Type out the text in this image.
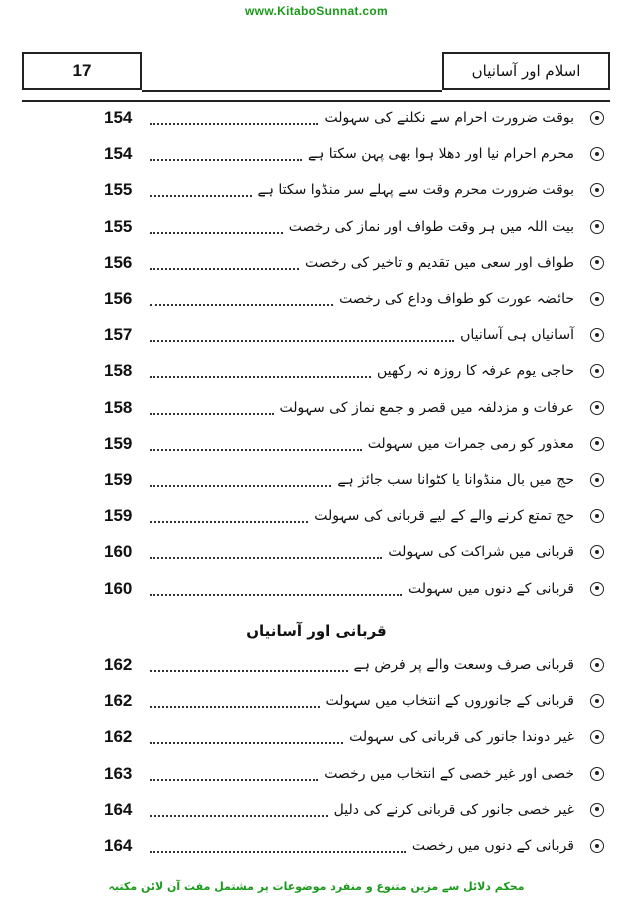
www.KitaboSunnat.com
17	اسلام اور آسانیاں
154	بوقت ضرورت احرام سے نکلنے کی سہولت
154	محرم احرام نیا اور دھلا ہوا بھی پہن سکتا ہے
155	بوقت ضرورت محرم وقت سے پہلے سر منڈوا سکتا ہے
155	بیت اللہ میں ہر وقت طواف اور نماز کی رخصت
156	طواف اور سعی میں تقدیم و تاخیر کی رخصت
156	حائضہ عورت کو طواف وداع کی رخصت
157	آسانیاں ہی آسانیاں
158	حاجی یوم عرفہ کا روزہ نہ رکھیں
158	عرفات و مزدلفہ میں قصر و جمع نماز کی سہولت
159	معذور کو رمی جمرات میں سہولت
159	حج میں بال منڈوانا یا کٹوانا سب جائز ہے
159	حج تمتع کرنے والے کے لیے قربانی کی سہولت
160	قربانی میں شراکت کی سہولت
160	قربانی کے دنوں میں سہولت
162	قربانی صرف وسعت والے پر فرض ہے
162	قربانی کے جانوروں کے انتخاب میں سہولت
162	غیر دوندا جانور کی قربانی کی سہولت
163	خصی اور غیر خصی کے انتخاب میں رخصت
164	غیر خصی جانور کی قربانی کرنے کی دلیل
164	قربانی کے دنوں میں رخصت
قربانی اور آسانیاں
محکم دلائل سے مزین متنوع و منفرد موضوعات پر مشتمل مفت آن لائن مکتبہ
